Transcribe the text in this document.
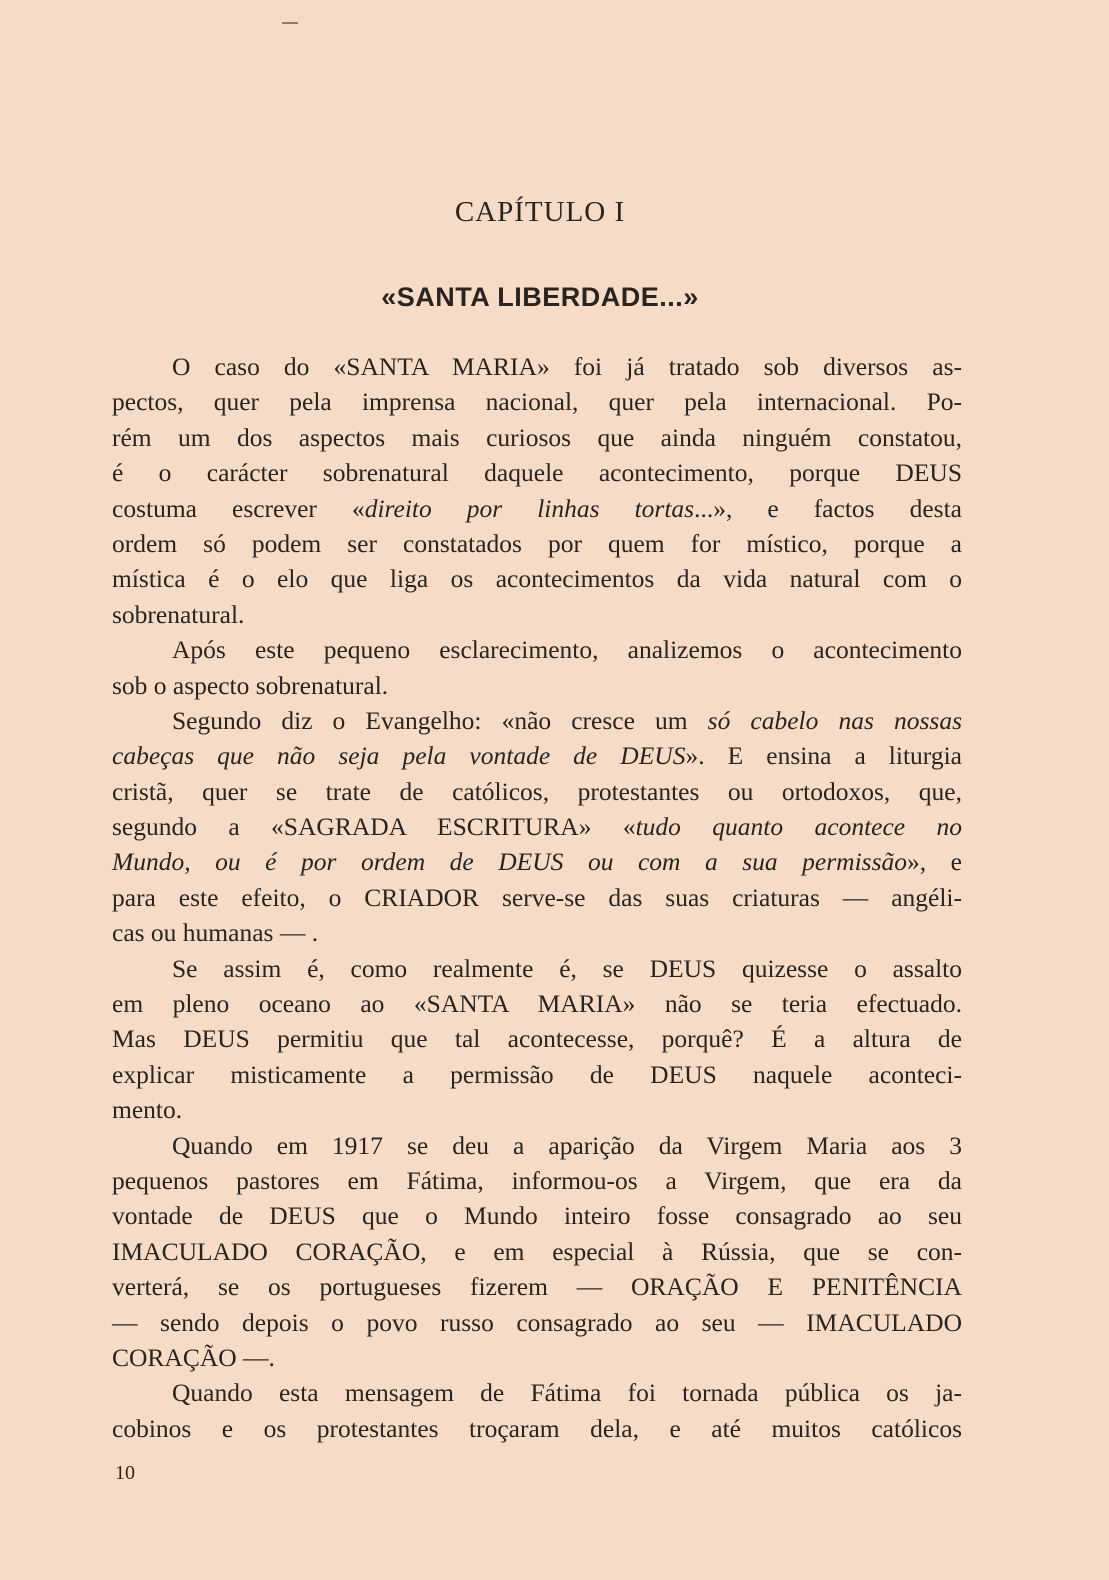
CAPÍTULO I
«SANTA LIBERDADE...»
O caso do «SANTA MARIA» foi já tratado sob diversos as-
pectos, quer pela imprensa nacional, quer pela internacional. Po-
rém um dos aspectos mais curiosos que ainda ninguém constatou,
é o carácter sobrenatural daquele acontecimento, porque DEUS
costuma escrever «direito por linhas tortas...», e factos desta
ordem só podem ser constatados por quem for místico, porque a
mística é o elo que liga os acontecimentos da vida natural com o
sobrenatural.
Após este pequeno esclarecimento, analizemos o acontecimento
sob o aspecto sobrenatural.
Segundo diz o Evangelho: «não cresce um só cabelo nas nossas
cabeças que não seja pela vontade de DEUS». E ensina a liturgia
cristã, quer se trate de católicos, protestantes ou ortodoxos, que,
segundo a «SAGRADA ESCRITURA» «tudo quanto acontece no
Mundo, ou é por ordem de DEUS ou com a sua permissão», e
para este efeito, o CRIADOR serve-se das suas criaturas — angéli-
cas ou humanas — .
Se assim é, como realmente é, se DEUS quizesse o assalto
em pleno oceano ao «SANTA MARIA» não se teria efectuado.
Mas DEUS permitiu que tal acontecesse, porquê? É a altura de
explicar misticamente a permissão de DEUS naquele aconteci-
mento.
Quando em 1917 se deu a aparição da Virgem Maria aos 3
pequenos pastores em Fátima, informou-os a Virgem, que era da
vontade de DEUS que o Mundo inteiro fosse consagrado ao seu
IMACULADO CORAÇÃO, e em especial à Rússia, que se con-
verterá, se os portugueses fizerem — ORAÇÃO E PENITÊNCIA
— sendo depois o povo russo consagrado ao seu — IMACULADO
CORAÇÃO —.
Quando esta mensagem de Fátima foi tornada pública os ja-
cobinos e os protestantes troçaram dela, e até muitos católicos
10
